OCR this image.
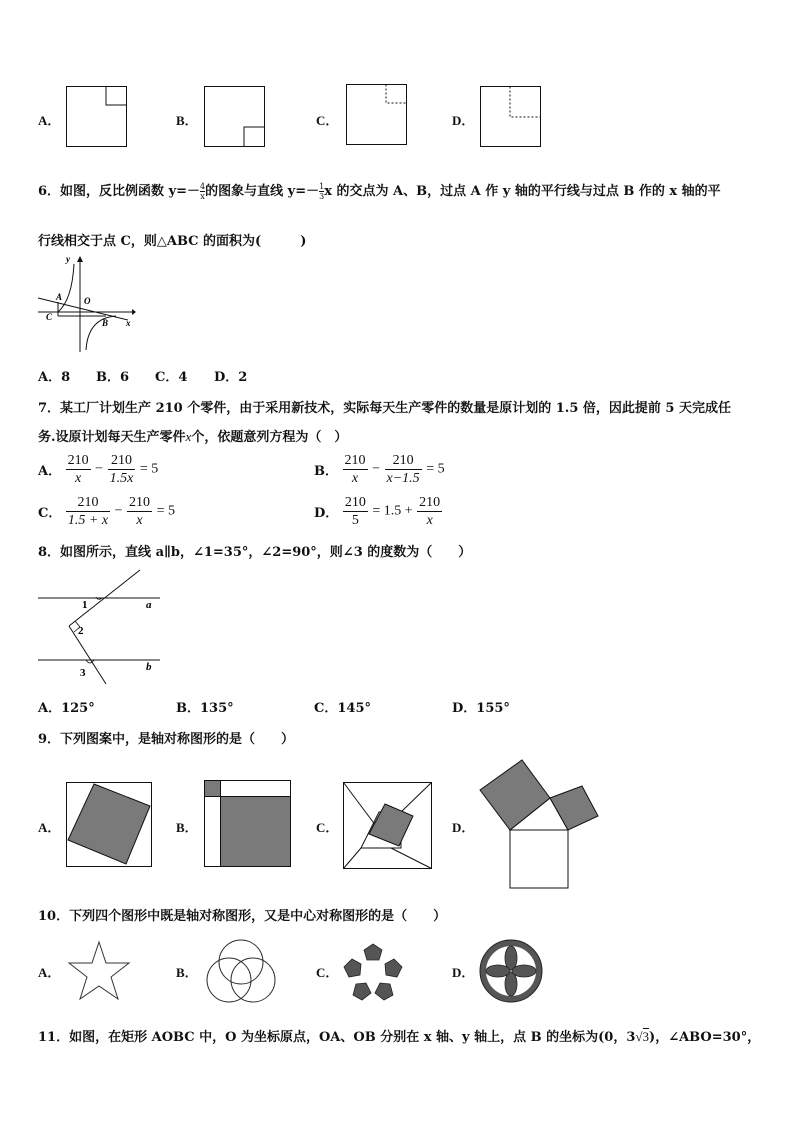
A．	B．	C．	D．
6．如图，反比例函数 $y=- \frac{4}{x}$ 的图象与直线 $y=- \frac{1}{3}$ x 的交点为 A、B，过点 A 作 y 轴的平行线与过点 B 作的 x 轴的平
行线相交于点 C，则△ABC 的面积为(　　　)
y
x
O
A
B
C
A．8 B．6 C．4 D．2
7．某工厂计划生产 210 个零件，由于采用新技术，实际每天生产零件的数量是原计划的 1.5 倍，因此提前 5 天完成任
务.设原计划每天生产零件x个，依题意列方程为（　）
A． $\frac{210}{x} - \frac{210}{1.5x} = 5$	B． $\frac{210}{x} - \frac{210}{x-1.5} = 5$
C． $\frac{210}{1.5 + x} - \frac{210}{x} = 5$	D． $\frac{210}{5} = 1.5 + \frac{210}{x}$
8．如图所示，直线 a∥b，∠1=35°，∠2=90°，则∠3 的度数为（　　）
1
2
3
a
b
A．125°	B．135°	C．145°	D．155°
9．下列图案中，是轴对称图形的是（　　）
A．	B．	C．	D．
10．下列四个图形中既是轴对称图形，又是中心对称图形的是（　　）
A．	B．	C．	D．
11．如图，在矩形 AOBC 中，O 为坐标原点，OA、OB 分别在 x 轴、y 轴上，点 B 的坐标为(0，3√3)，∠ABO=30°，
